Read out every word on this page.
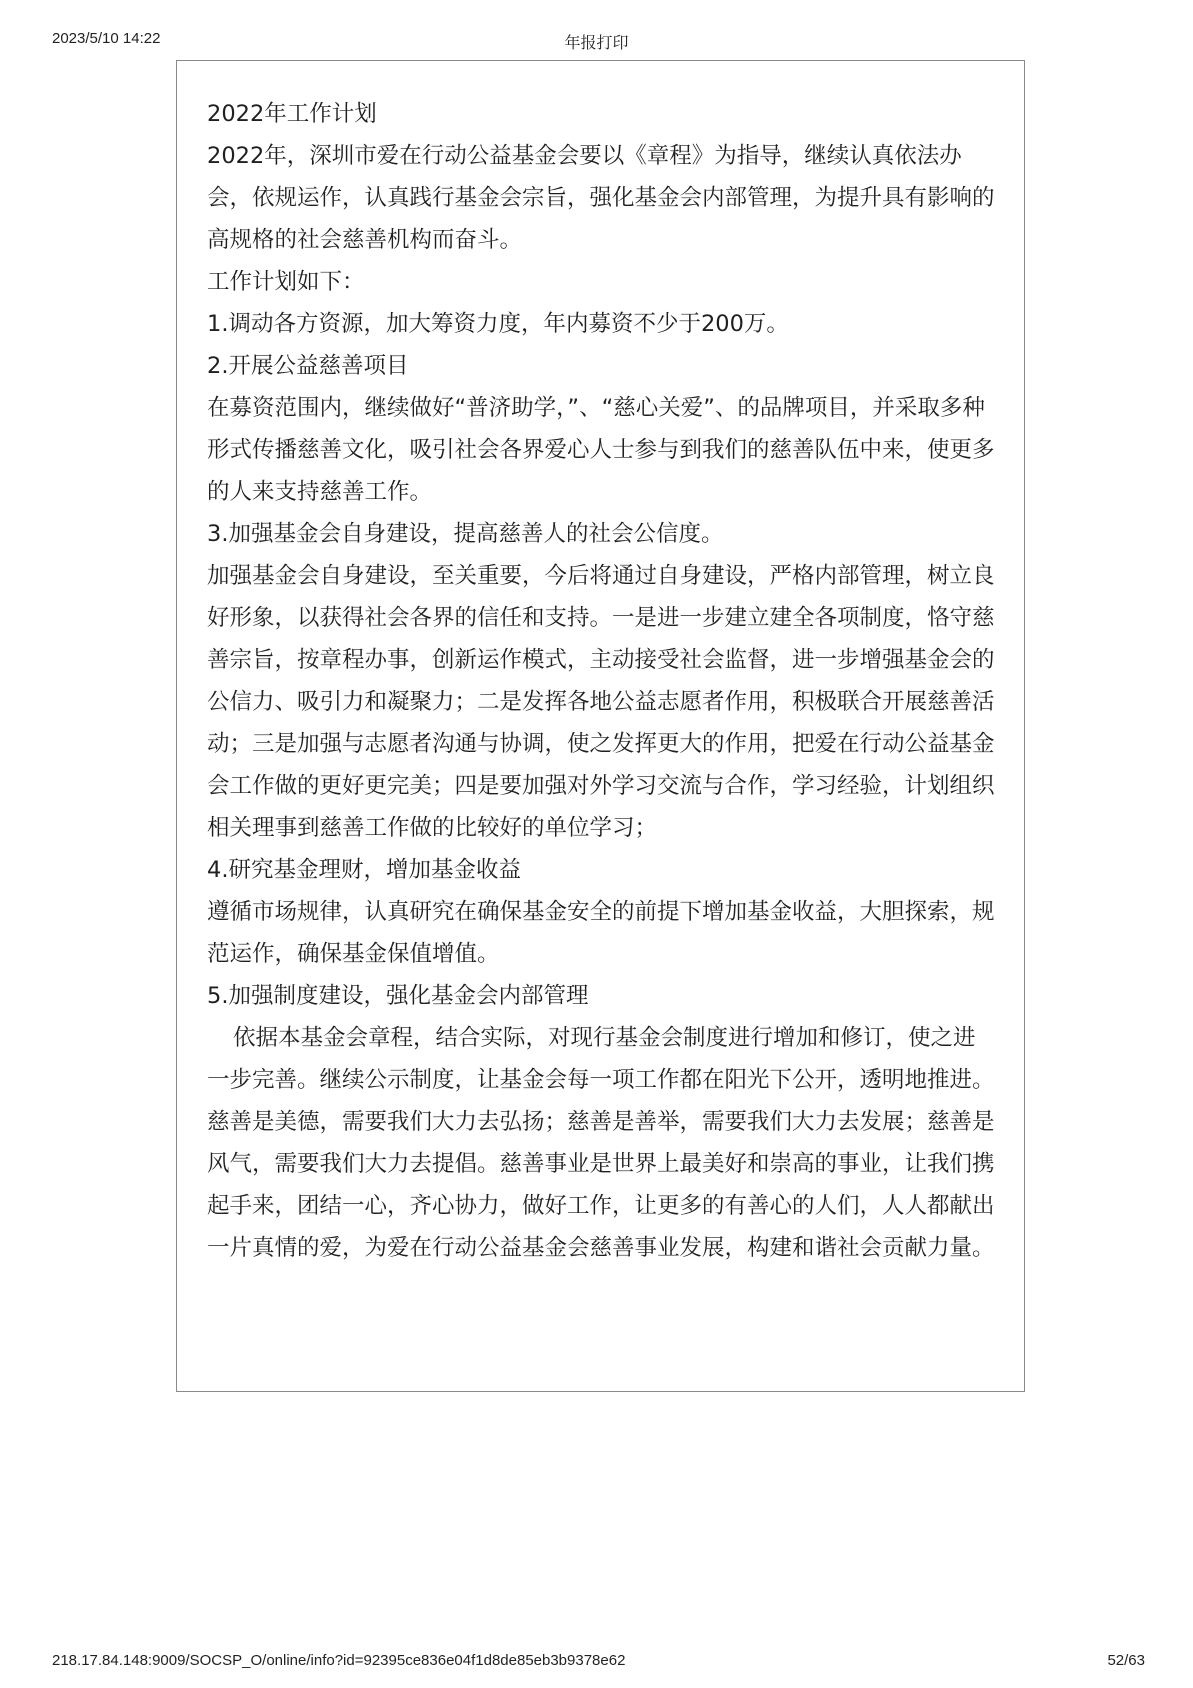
2023/5/10 14:22	年报打印

2022年工作计划

2022年，深圳市爱在行动公益基金会要以《章程》为指导，继续认真依法办会，依规运作，认真践行基金会宗旨，强化基金会内部管理，为提升具有影响的高规格的社会慈善机构而奋斗。

工作计划如下：

1.调动各方资源，加大筹资力度，年内募资不少于200万。

2.开展公益慈善项目

在募资范围内，继续做好“普济助学，”、“慈心关爱”、的品牌项目，并采取多种形式传播慈善文化，吸引社会各界爱心人士参与到我们的慈善队伍中来，使更多的人来支持慈善工作。

3.加强基金会自身建设，提高慈善人的社会公信度。

加强基金会自身建设，至关重要，今后将通过自身建设，严格内部管理，树立良好形象，以获得社会各界的信任和支持。一是进一步建立建全各项制度，恪守慈善宗旨，按章程办事，创新运作模式，主动接受社会监督，进一步增强基金会的公信力、吸引力和凝聚力；二是发挥各地公益志愿者作用，积极联合开展慈善活动；三是加强与志愿者沟通与协调，使之发挥更大的作用，把爱在行动公益基金会工作做的更好更完美；四是要加强对外学习交流与合作，学习经验，计划组织相关理事到慈善工作做的比较好的单位学习；

4.研究基金理财，增加基金收益

遵循市场规律，认真研究在确保基金安全的前提下增加基金收益，大胆探索，规范运作，确保基金保值增值。

5.加强制度建设，强化基金会内部管理

依据本基金会章程，结合实际，对现行基金会制度进行增加和修订，使之进一步完善。继续公示制度，让基金会每一项工作都在阳光下公开，透明地推进。

慈善是美德，需要我们大力去弘扬；慈善是善举，需要我们大力去发展；慈善是风气，需要我们大力去提倡。慈善事业是世界上最美好和崇高的事业，让我们携起手来，团结一心，齐心协力，做好工作，让更多的有善心的人们，人人都献出一片真情的爱，为爱在行动公益基金会慈善事业发展，构建和谐社会贡献力量。

218.17.84.148:9009/SOCSP_O/online/info?id=92395ce836e04f1d8de85eb3b9378e62	52/63
